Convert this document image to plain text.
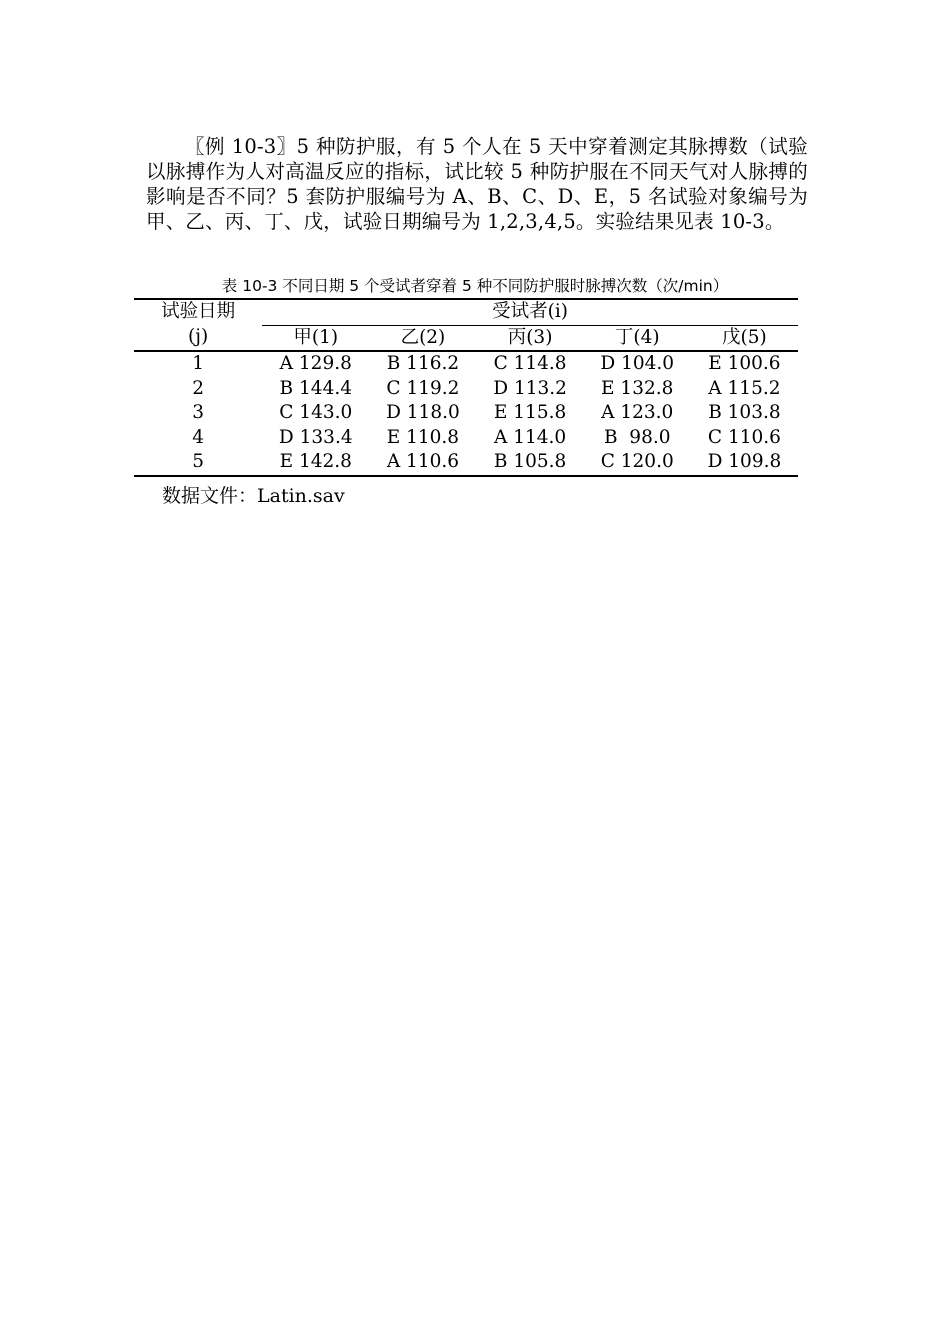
〖例 10-3〗5 种防护服，有 5 个人在 5 天中穿着测定其脉搏数（试验以脉搏作为人对高温反应的指标，试比较 5 种防护服在不同天气对人脉搏的影响是否不同？5 套防护服编号为 A、B、C、D、E，5 名试验对象编号为甲、乙、丙、丁、戊，试验日期编号为 1,2,3,4,5。实验结果见表 10-3。
表 10-3 不同日期 5 个受试者穿着 5 种不同防护服时脉搏次数（次/min）
试验日期	受试者(i)				
(j)	甲(1)	乙(2)	丙(3)	丁(4)	戊(5)
1	A 129.8	B 116.2	C 114.8	D 104.0	E 100.6
2	B 144.4	C 119.2	D 113.2	E 132.8	A 115.2
3	C 143.0	D 118.0	E 115.8	A 123.0	B 103.8
4	D 133.4	E 110.8	A 114.0	B  98.0	C 110.6
5	E 142.8	A 110.6	B 105.8	C 120.0	D 109.8
数据文件：Latin.sav
